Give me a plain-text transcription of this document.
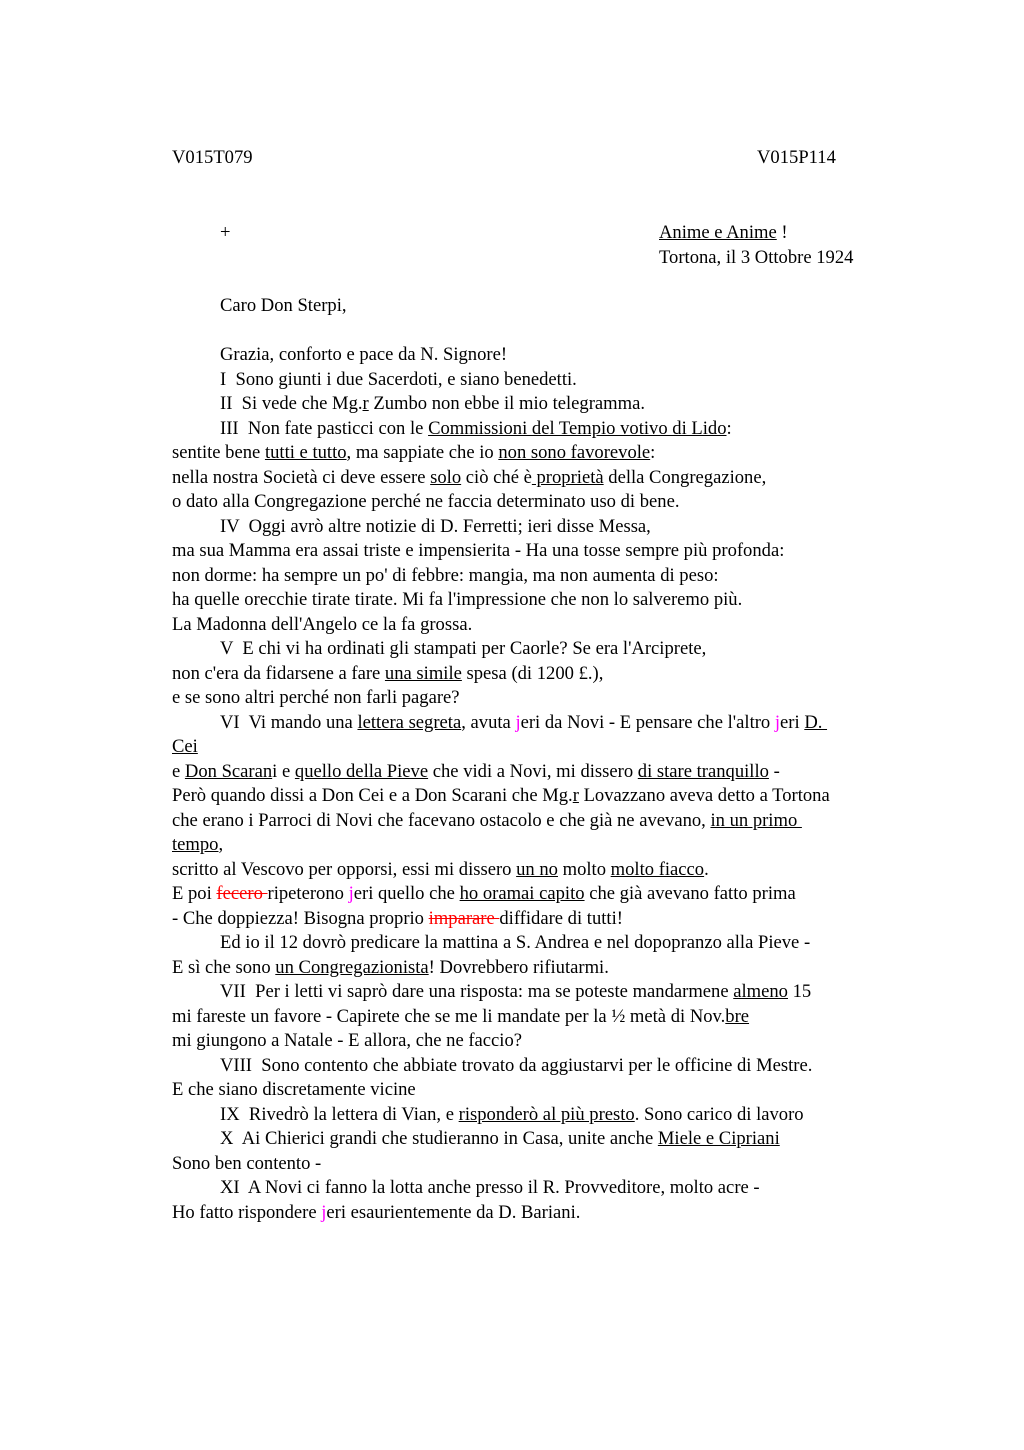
V015T079	V015P114
+	Anime e Anime !
Tortona, il 3 Ottobre 1924
Caro Don Sterpi,
Grazia, conforto e pace da N. Signore!
I  Sono giunti i due Sacerdoti, e siano benedetti.
II  Si vede che Mg.r Zumbo non ebbe il mio telegramma.
III  Non fate pasticci con le Commissioni del Tempio votivo di Lido:
sentite bene tutti e tutto, ma sappiate che io non sono favorevole:
nella nostra Società ci deve essere solo ciò ché è proprietà della Congregazione,
o dato alla Congregazione perché ne faccia determinato uso di bene.
IV  Oggi avrò altre notizie di D. Ferretti; ieri disse Messa,
ma sua Mamma era assai triste e impensierita - Ha una tosse sempre più profonda:
non dorme: ha sempre un po' di febbre: mangia, ma non aumenta di peso:
ha quelle orecchie tirate tirate. Mi fa l'impressione che non lo salveremo più.
La Madonna dell'Angelo ce la fa grossa.
V  E chi vi ha ordinati gli stampati per Caorle? Se era l'Arciprete,
non c'era da fidarsene a fare una simile spesa (di 1200 £.),
e se sono altri perché non farli pagare?
VI  Vi mando una lettera segreta, avuta jeri da Novi - E pensare che l'altro jeri D.
Cei
e Don Scarani e quello della Pieve che vidi a Novi, mi dissero di stare tranquillo -
Però quando dissi a Don Cei e a Don Scarani che Mg.r Lovazzano aveva detto a Tortona
che erano i Parroci di Novi che facevano ostacolo e che già ne avevano, in un primo
tempo,
scritto al Vescovo per opporsi, essi mi dissero un no molto molto fiacco.
E poi fecero ripeterono jeri quello che ho oramai capito che già avevano fatto prima
- Che doppiezza! Bisogna proprio imparare diffidare di tutti!
Ed io il 12 dovrò predicare la mattina a S. Andrea e nel dopopranzo alla Pieve -
E sì che sono un Congregazionista! Dovrebbero rifiutarmi.
VII  Per i letti vi saprò dare una risposta: ma se poteste mandarmene almeno 15
mi fareste un favore - Capirete che se me li mandate per la ½ metà di Nov.bre
mi giungono a Natale - E allora, che ne faccio?
VIII  Sono contento che abbiate trovato da aggiustarvi per le officine di Mestre.
E che siano discretamente vicine
IX  Rivedrò la lettera di Vian, e risponderò al più presto. Sono carico di lavoro
X  Ai Chierici grandi che studieranno in Casa, unite anche Miele e Cipriani
Sono ben contento -
XI  A Novi ci fanno la lotta anche presso il R. Provveditore, molto acre -
Ho fatto rispondere jeri esaurientemente da D. Bariani.
